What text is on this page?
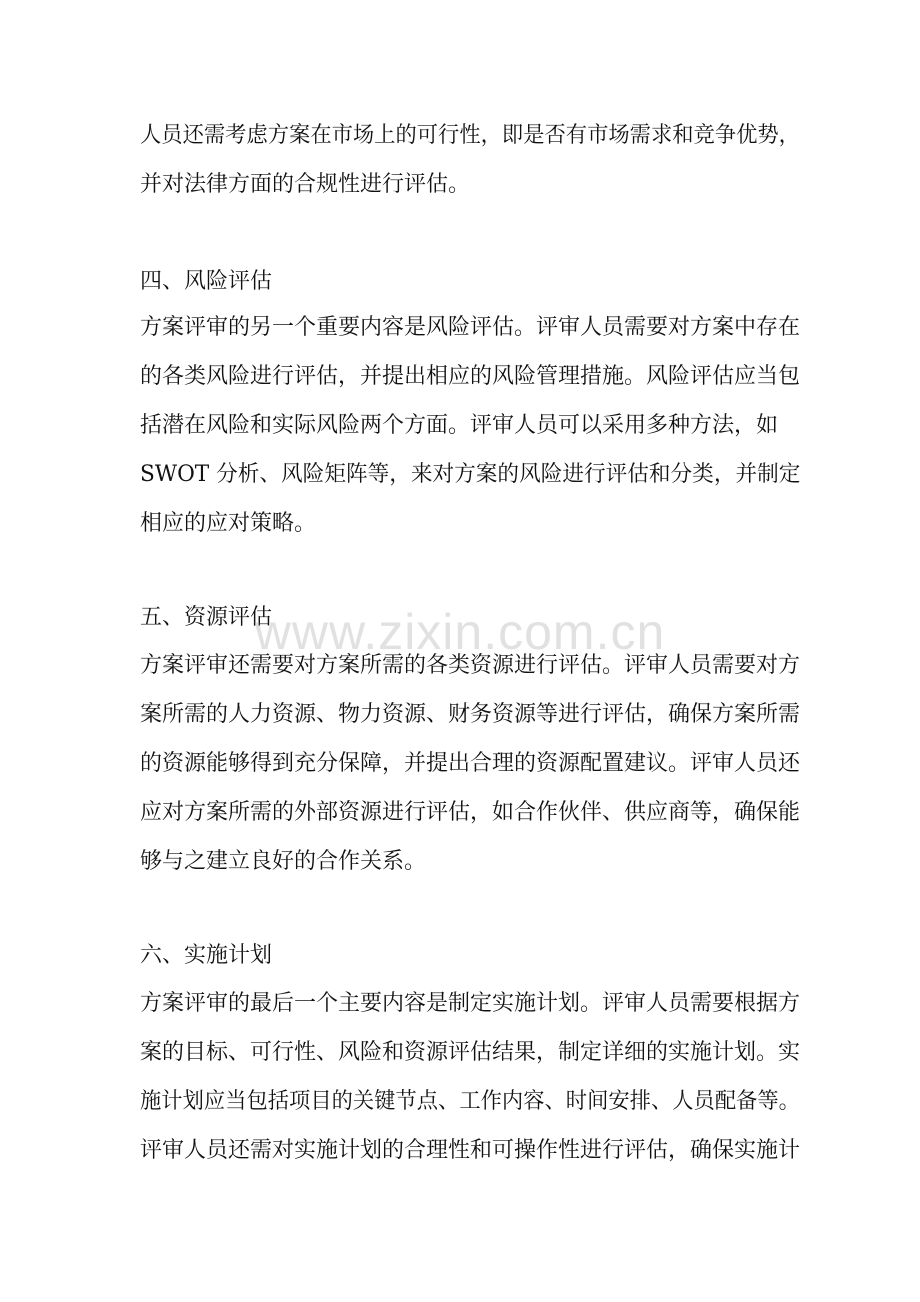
人员还需考虑方案在市场上的可行性，即是否有市场需求和竞争优势，
并对法律方面的合规性进行评估。
四、风险评估
方案评审的另一个重要内容是风险评估。评审人员需要对方案中存在
的各类风险进行评估，并提出相应的风险管理措施。风险评估应当包
括潜在风险和实际风险两个方面。评审人员可以采用多种方法，如
SWOT 分析、风险矩阵等，来对方案的风险进行评估和分类，并制定
相应的应对策略。
五、资源评估
方案评审还需要对方案所需的各类资源进行评估。评审人员需要对方
案所需的人力资源、物力资源、财务资源等进行评估，确保方案所需
的资源能够得到充分保障，并提出合理的资源配置建议。评审人员还
应对方案所需的外部资源进行评估，如合作伙伴、供应商等，确保能
够与之建立良好的合作关系。
六、实施计划
方案评审的最后一个主要内容是制定实施计划。评审人员需要根据方
案的目标、可行性、风险和资源评估结果，制定详细的实施计划。实
施计划应当包括项目的关键节点、工作内容、时间安排、人员配备等。
评审人员还需对实施计划的合理性和可操作性进行评估，确保实施计
www.zixin.com.cn
